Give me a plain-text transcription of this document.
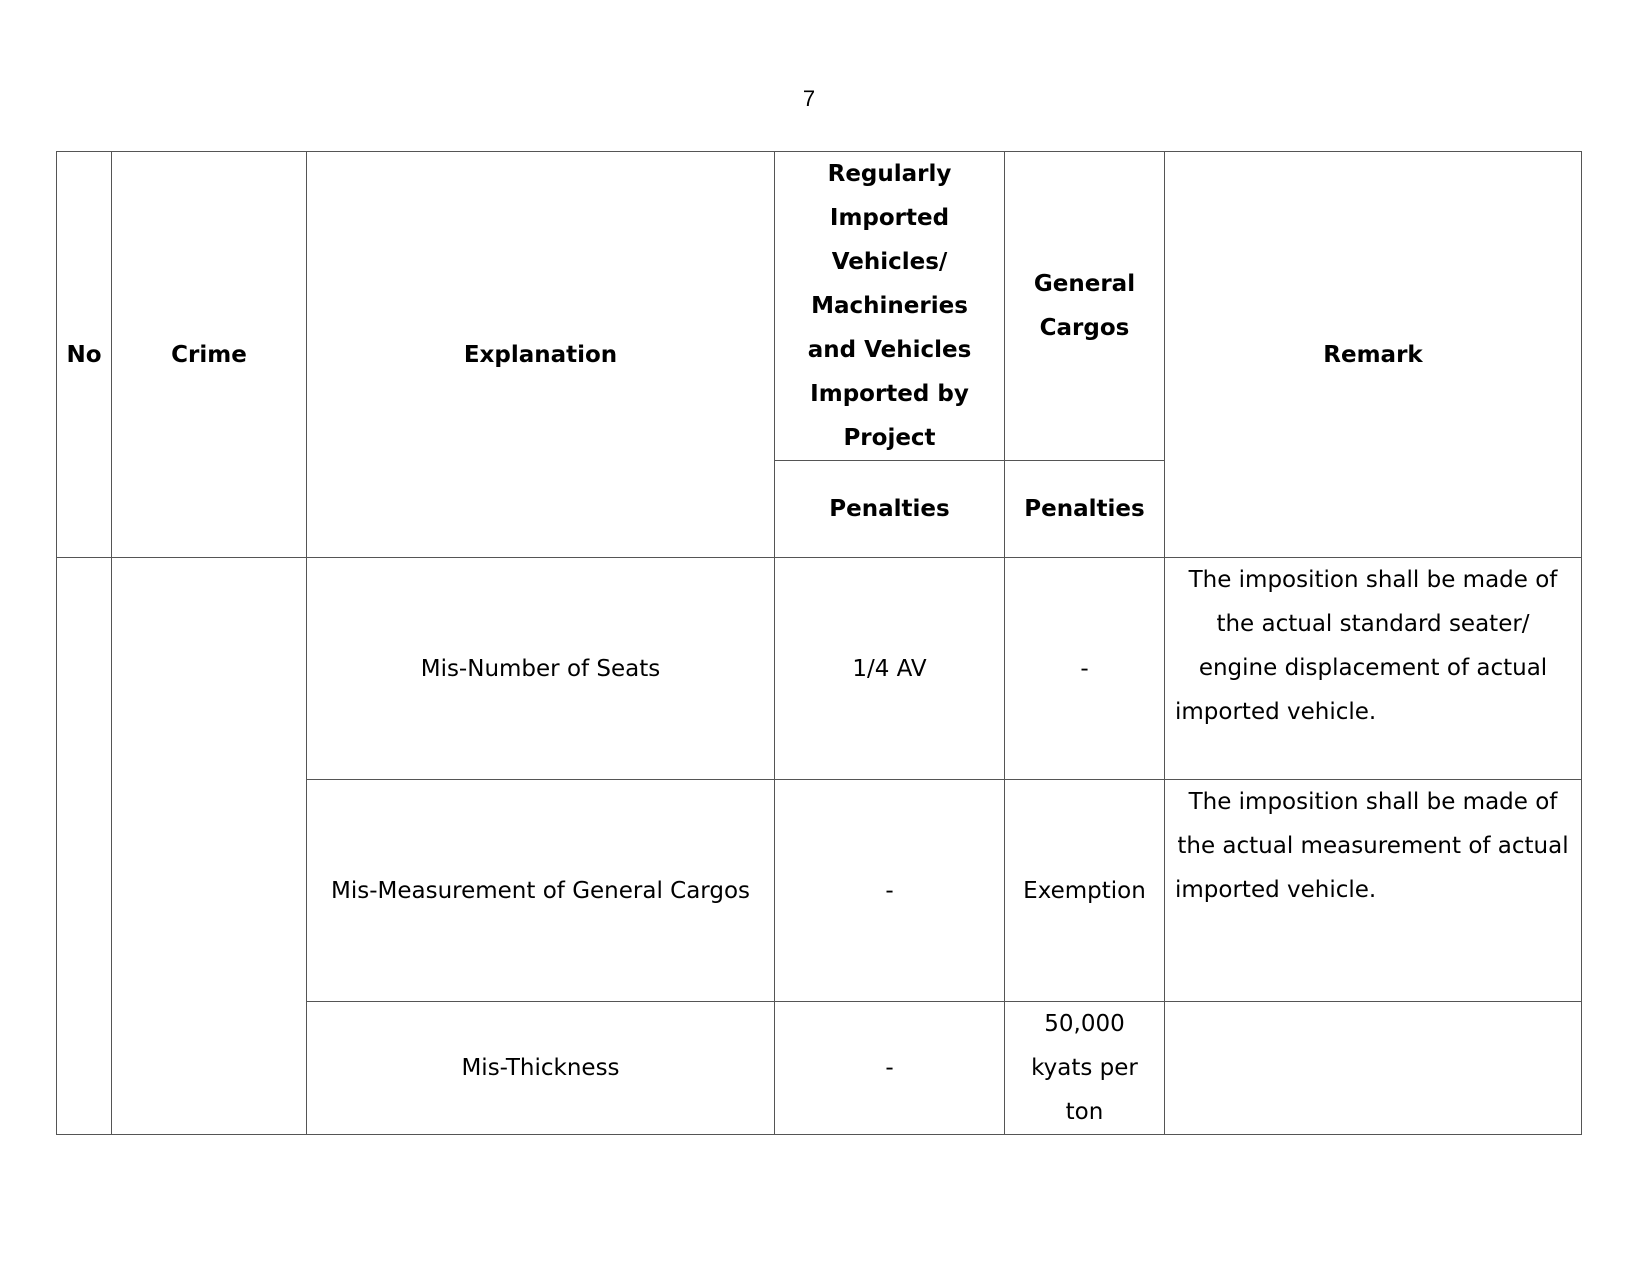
7
No	Crime	Explanation	Regularly Imported Vehicles/ Machineries and Vehicles Imported by Project	General Cargos	Remark
			Penalties	Penalties	
		Mis-Number of Seats	1/4 AV	-	The imposition shall be made of the actual standard seater/ engine displacement of actual imported vehicle.
		Mis-Measurement of General Cargos	-	Exemption	The imposition shall be made of the actual measurement of actual imported vehicle.
		Mis-Thickness	-	50,000 kyats per ton	
